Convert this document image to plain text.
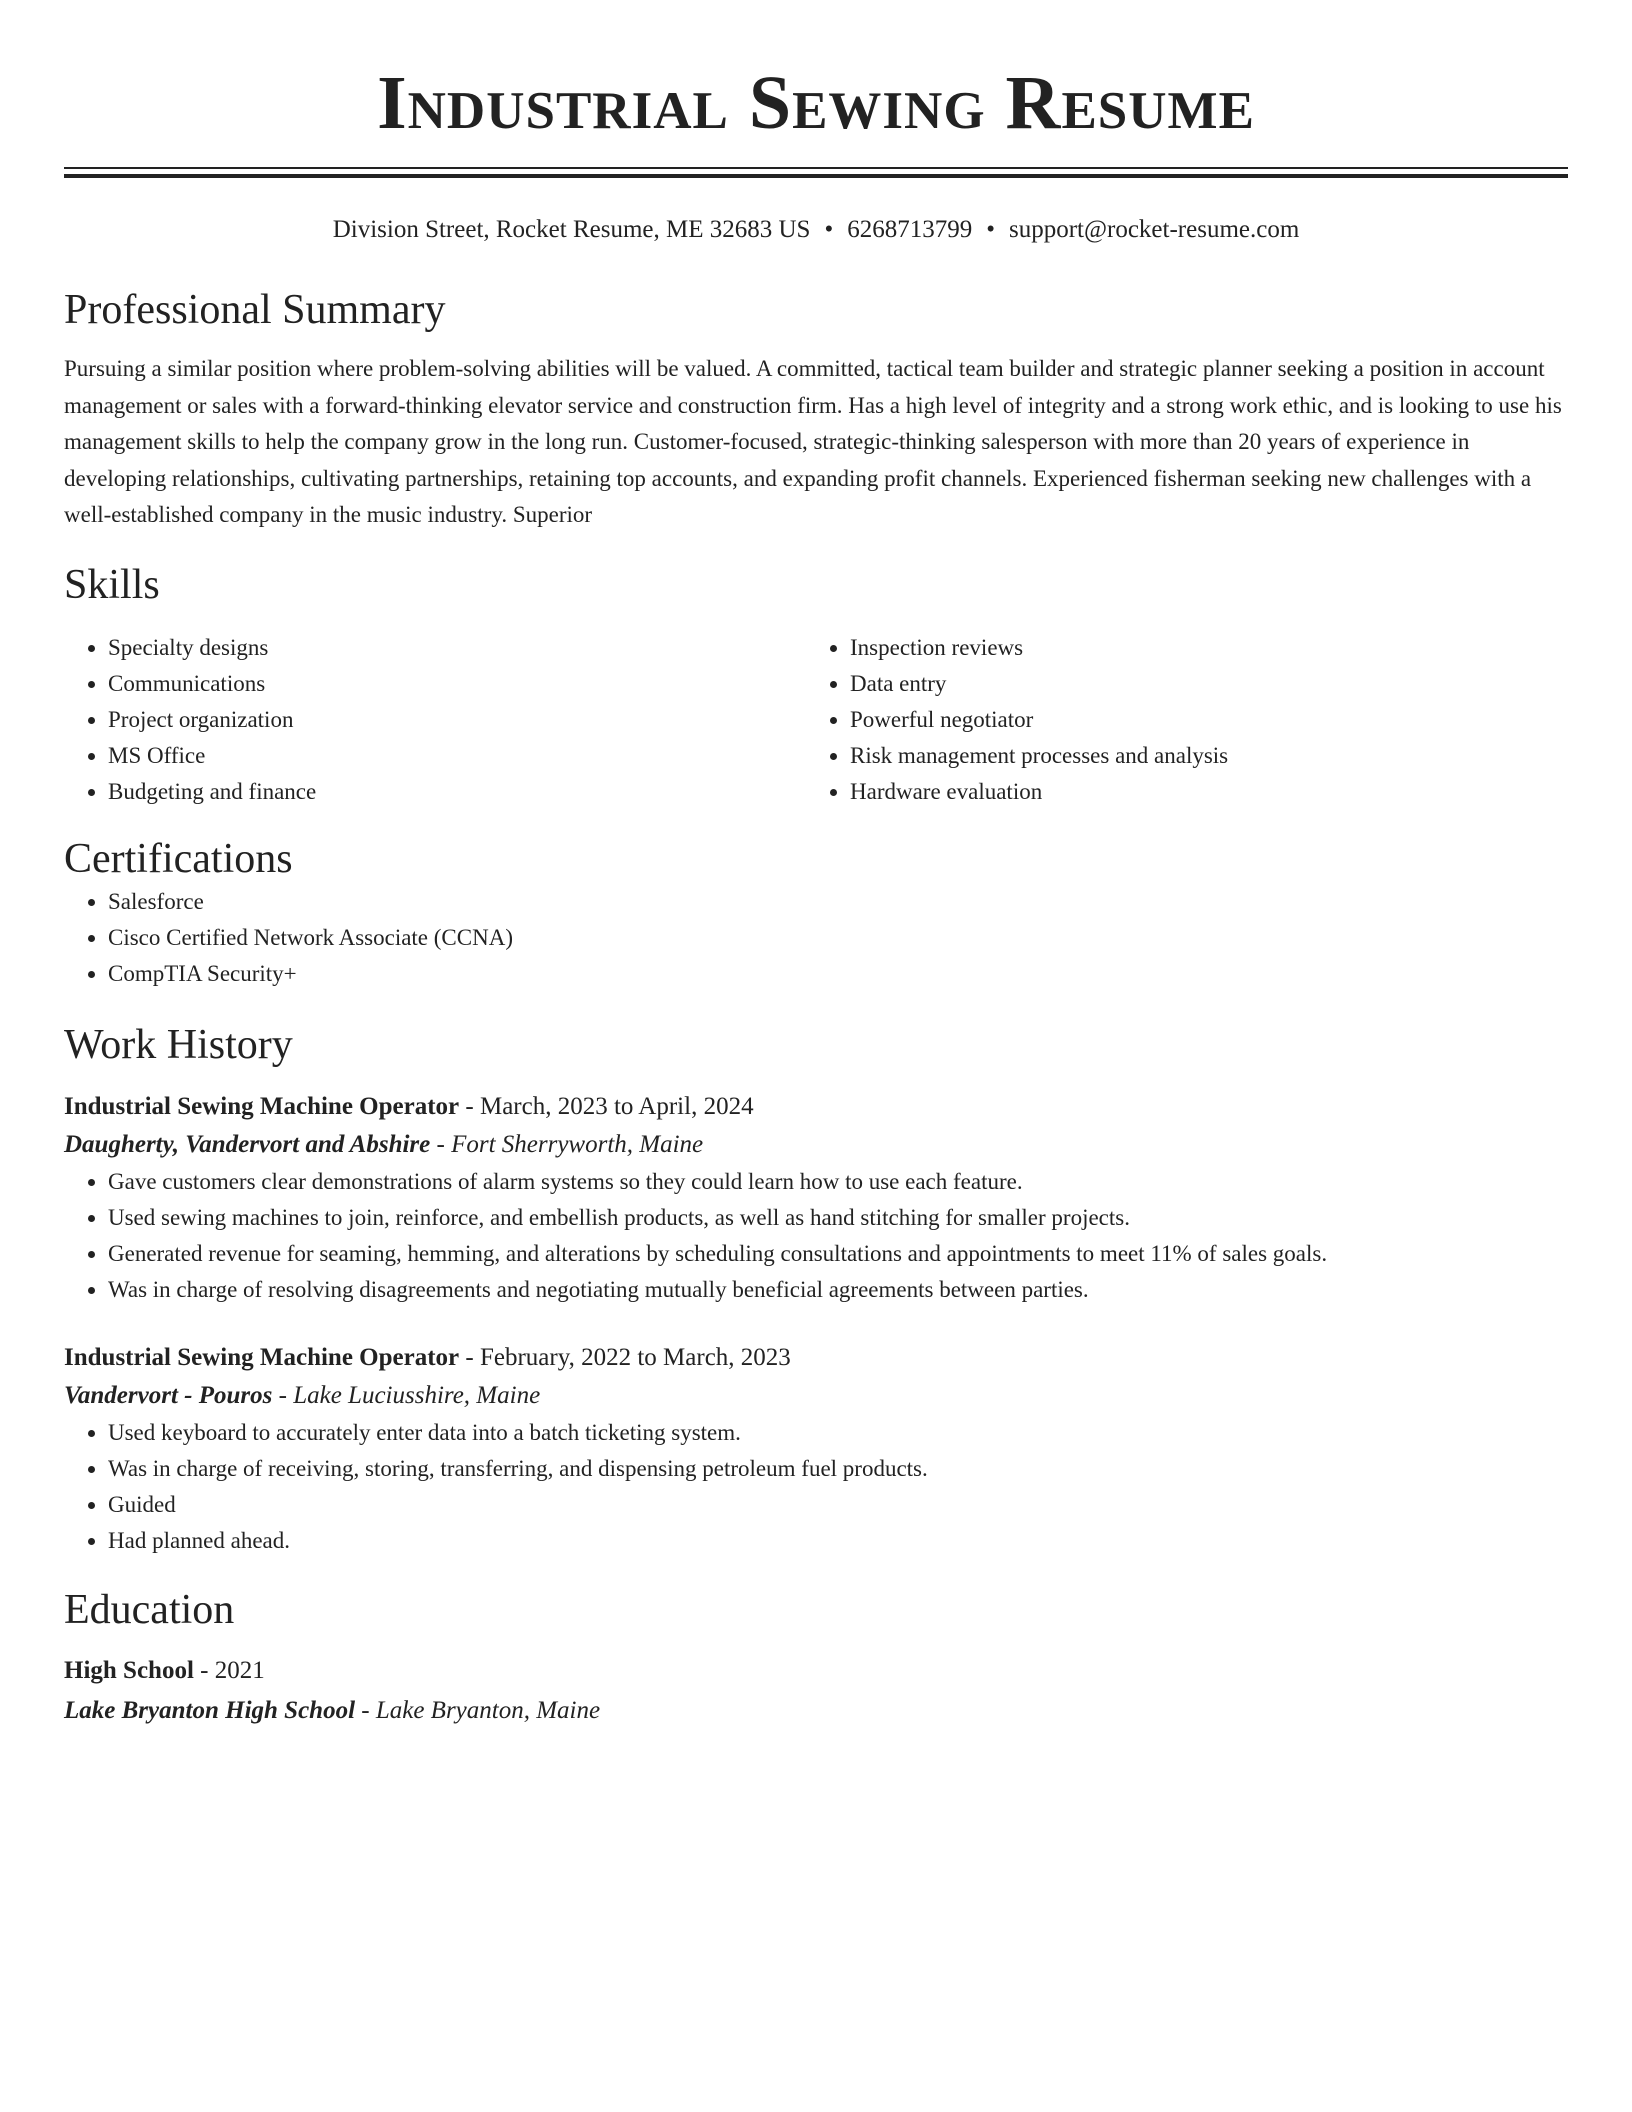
Industrial Sewing Resume
Division Street, Rocket Resume, ME 32683 US • 6268713799 • support@rocket-resume.com
Professional Summary
Pursuing a similar position where problem-solving abilities will be valued. A committed, tactical team builder and strategic planner seeking a position in account management or sales with a forward-thinking elevator service and construction firm. Has a high level of integrity and a strong work ethic, and is looking to use his management skills to help the company grow in the long run. Customer-focused, strategic-thinking salesperson with more than 20 years of experience in developing relationships, cultivating partnerships, retaining top accounts, and expanding profit channels. Experienced fisherman seeking new challenges with a well-established company in the music industry. Superior
Skills
• Specialty designs
• Communications
• Project organization
• MS Office
• Budgeting and finance
• Inspection reviews
• Data entry
• Powerful negotiator
• Risk management processes and analysis
• Hardware evaluation
Certifications
• Salesforce
• Cisco Certified Network Associate (CCNA)
• CompTIA Security+
Work History
Industrial Sewing Machine Operator - March, 2023 to April, 2024
Daugherty, Vandervort and Abshire - Fort Sherryworth, Maine
• Gave customers clear demonstrations of alarm systems so they could learn how to use each feature.
• Used sewing machines to join, reinforce, and embellish products, as well as hand stitching for smaller projects.
• Generated revenue for seaming, hemming, and alterations by scheduling consultations and appointments to meet 11% of sales goals.
• Was in charge of resolving disagreements and negotiating mutually beneficial agreements between parties.
Industrial Sewing Machine Operator - February, 2022 to March, 2023
Vandervort - Pouros - Lake Luciusshire, Maine
• Used keyboard to accurately enter data into a batch ticketing system.
• Was in charge of receiving, storing, transferring, and dispensing petroleum fuel products.
• Guided
• Had planned ahead.
Education
High School - 2021
Lake Bryanton High School - Lake Bryanton, Maine
